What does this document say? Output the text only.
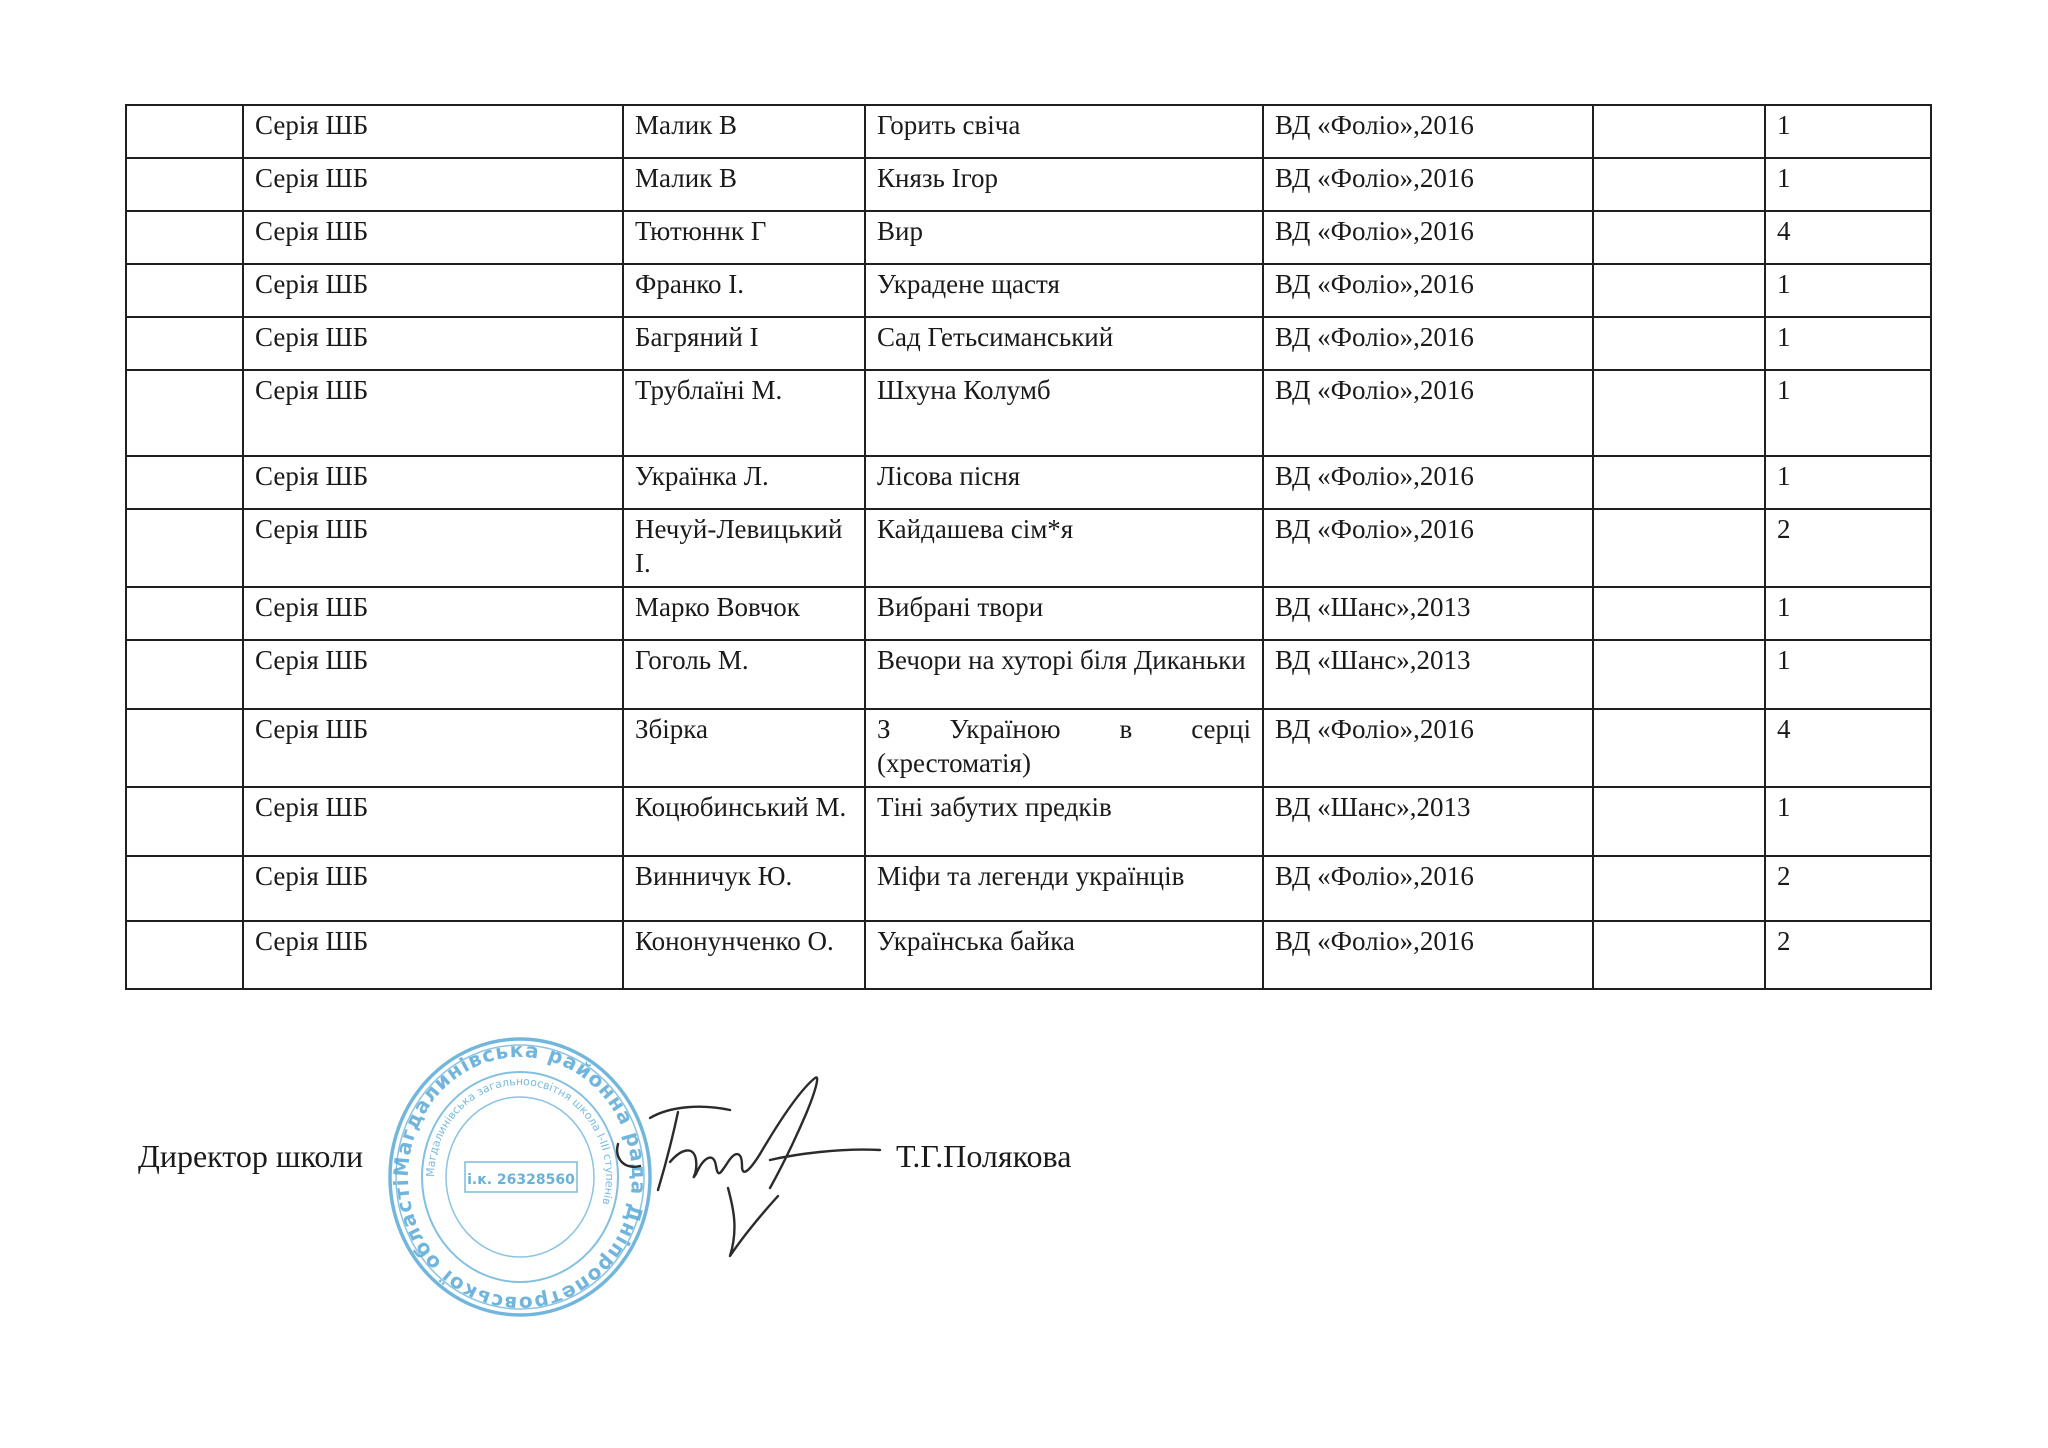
	Серія ШБ	Малик В	Горить свіча	ВД «Фоліо»,2016		1
	Серія ШБ	Малик В	Князь Ігор	ВД «Фоліо»,2016		1
	Серія ШБ	Тютюннк Г	Вир	ВД «Фоліо»,2016		4
	Серія ШБ	Франко І.	Украдене щастя	ВД «Фоліо»,2016		1
	Серія ШБ	Багряний І	Сад Гетьсиманський	ВД «Фоліо»,2016		1
	Серія ШБ	Трублаїні М.	Шхуна Колумб	ВД «Фоліо»,2016		1
	Серія ШБ	Українка Л.	Лісова пісня	ВД «Фоліо»,2016		1
	Серія ШБ	Нечуй-Левицький І.	Кайдашева сім*я	ВД «Фоліо»,2016		2
	Серія ШБ	Марко Вовчок	Вибрані твори	ВД «Шанс»,2013		1
	Серія ШБ	Гоголь М.	Вечори на хуторі біля Диканьки	ВД «Шанс»,2013		1
	Серія ШБ	Збірка	З Україною в серці (хрестоматія)	ВД «Фоліо»,2016		4
	Серія ШБ	Коцюбинський М.	Тіні забутих предків	ВД «Шанс»,2013		1
	Серія ШБ	Винничук Ю.	Міфи та легенди українців	ВД «Фоліо»,2016		2
	Серія ШБ	Кононунченко О.	Українська байка	ВД «Фоліо»,2016		2
Магдалинівська районна рада Дніпропетровської області
Магдалинівська загальноосвітня школа І-ІІІ ступенів
і.к. 26328560
Директор школи	Т.Г.Полякова
